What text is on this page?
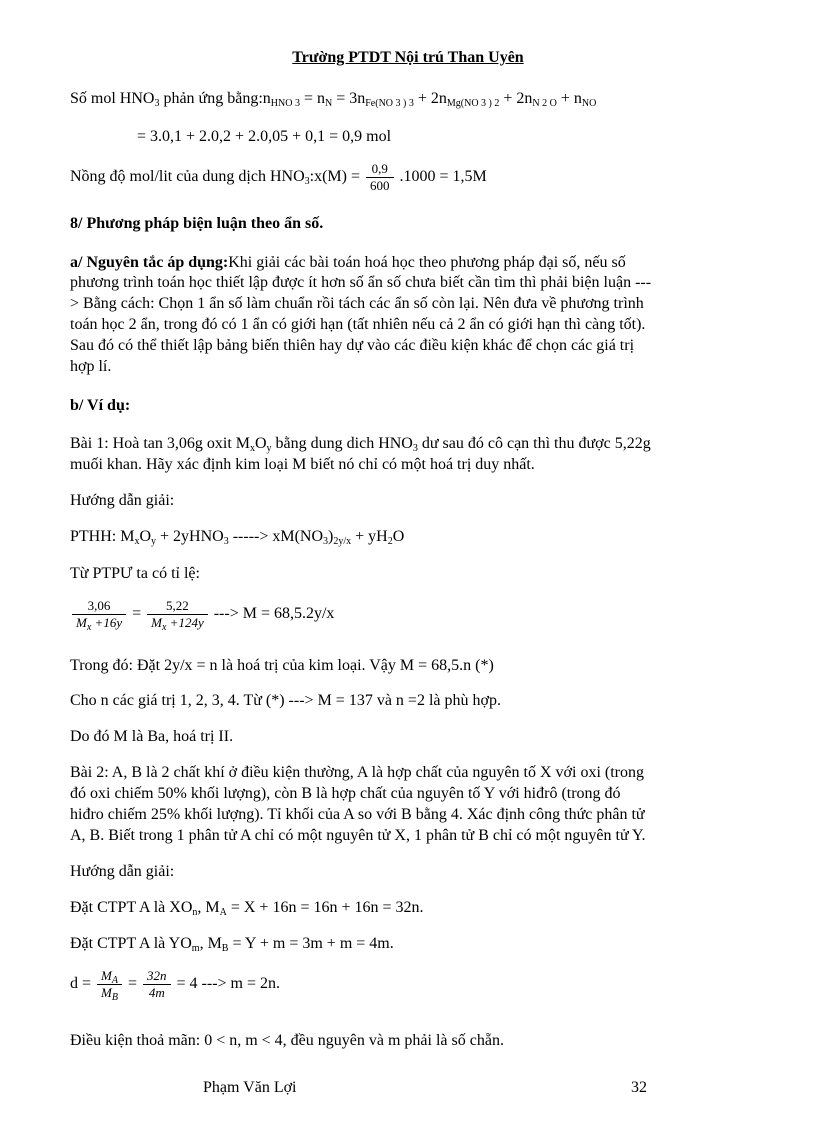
Trường PTDT Nội trú Than Uyên
Số mol $HNO_3$ phản ứng $bằng:n_{HNO 3} = n_N = 3n_{Fe(NO 3 ) 3} + 2n_{Mg(NO 3 ) 2} + 2n_{N 2 O} + n_{NO}$
= 3.0,1 + 2.0,2 + 2.0,05 + 0,1 = 0,9 mol
Nồng độ mol/lit của dung dịch $HNO_3:x(M) = \frac{0,9}{600} .1000 = 1,5M$
8/ Phương pháp biện luận theo ẩn số.
a/ Nguyên tắc áp dụng:Khi giải các bài toán hoá học theo phương pháp đại số, nếu số
phương trình toán học thiết lập được ít hơn số ẩn số chưa biết cần tìm thì phải biện luận ---
> Bằng cách: Chọn 1 ẩn số làm chuẩn rồi tách các ẩn số còn lại. Nên đưa về phương trình
toán học 2 ẩn, trong đó có 1 ẩn có giới hạn (tất nhiên nếu cả 2 ẩn có giới hạn thì càng tốt).
Sau đó có thể thiết lập bảng biến thiên hay dự vào các điều kiện khác để chọn các giá trị
hợp lí.
b/ Ví dụ:
Bài 1: Hoà tan 3,06g oxit $M_xO_y$ bằng dung dich $HNO_3$ dư sau đó cô cạn thì thu được 5,22g
muối khan. Hãy xác định kim loại M biết nó chỉ có một hoá trị duy nhất.
Hướng dẫn giải:
PTHH: $M_xO_y$ + 2yHNO$_3$ -----> $xM(NO_3)_{2y/x} + yH_2O$
Từ PTPƯ ta có tỉ lệ:
$\frac{3,06}{M_x +16y} = \frac{5,22}{M_x +124y}$ ---> M = 68,5.2y/x
Trong đó: Đặt 2y/x = n là hoá trị của kim loại. Vậy M = 68,5.n (*)
Cho n các giá trị 1, 2, 3, 4. Từ (*) ---> M = 137 và n =2 là phù hợp.
Do đó M là Ba, hoá trị II.
Bài 2: A, B là 2 chất khí ở điều kiện thường, A là hợp chất của nguyên tố X với oxi (trong
đó oxi chiếm 50% khối lượng), còn B là hợp chất của nguyên tố Y với hiđrô (trong đó
hiđro chiếm 25% khối lượng). Tỉ khối của A so với B bằng 4. Xác định công thức phân tử
A, B. Biết trong 1 phân tử A chỉ có một nguyên tử X, 1 phân tử B chỉ có một nguyên tử Y.
Hướng dẫn giải:
Đặt CTPT A là $XO_n$, $M_A = X + 16n = 16n + 16n = 32n$.
Đặt CTPT A là $YO_m$, $M_B = Y + m = 3m + m = 4m$.
$d = \frac{M_A}{M_B} = \frac{32n}{4m} = 4$ ---> m = 2n.
Điều kiện thoả mãn: 0 < n, m < 4, đều nguyên và m phải là số chẵn.
Phạm Văn Lợi	32
